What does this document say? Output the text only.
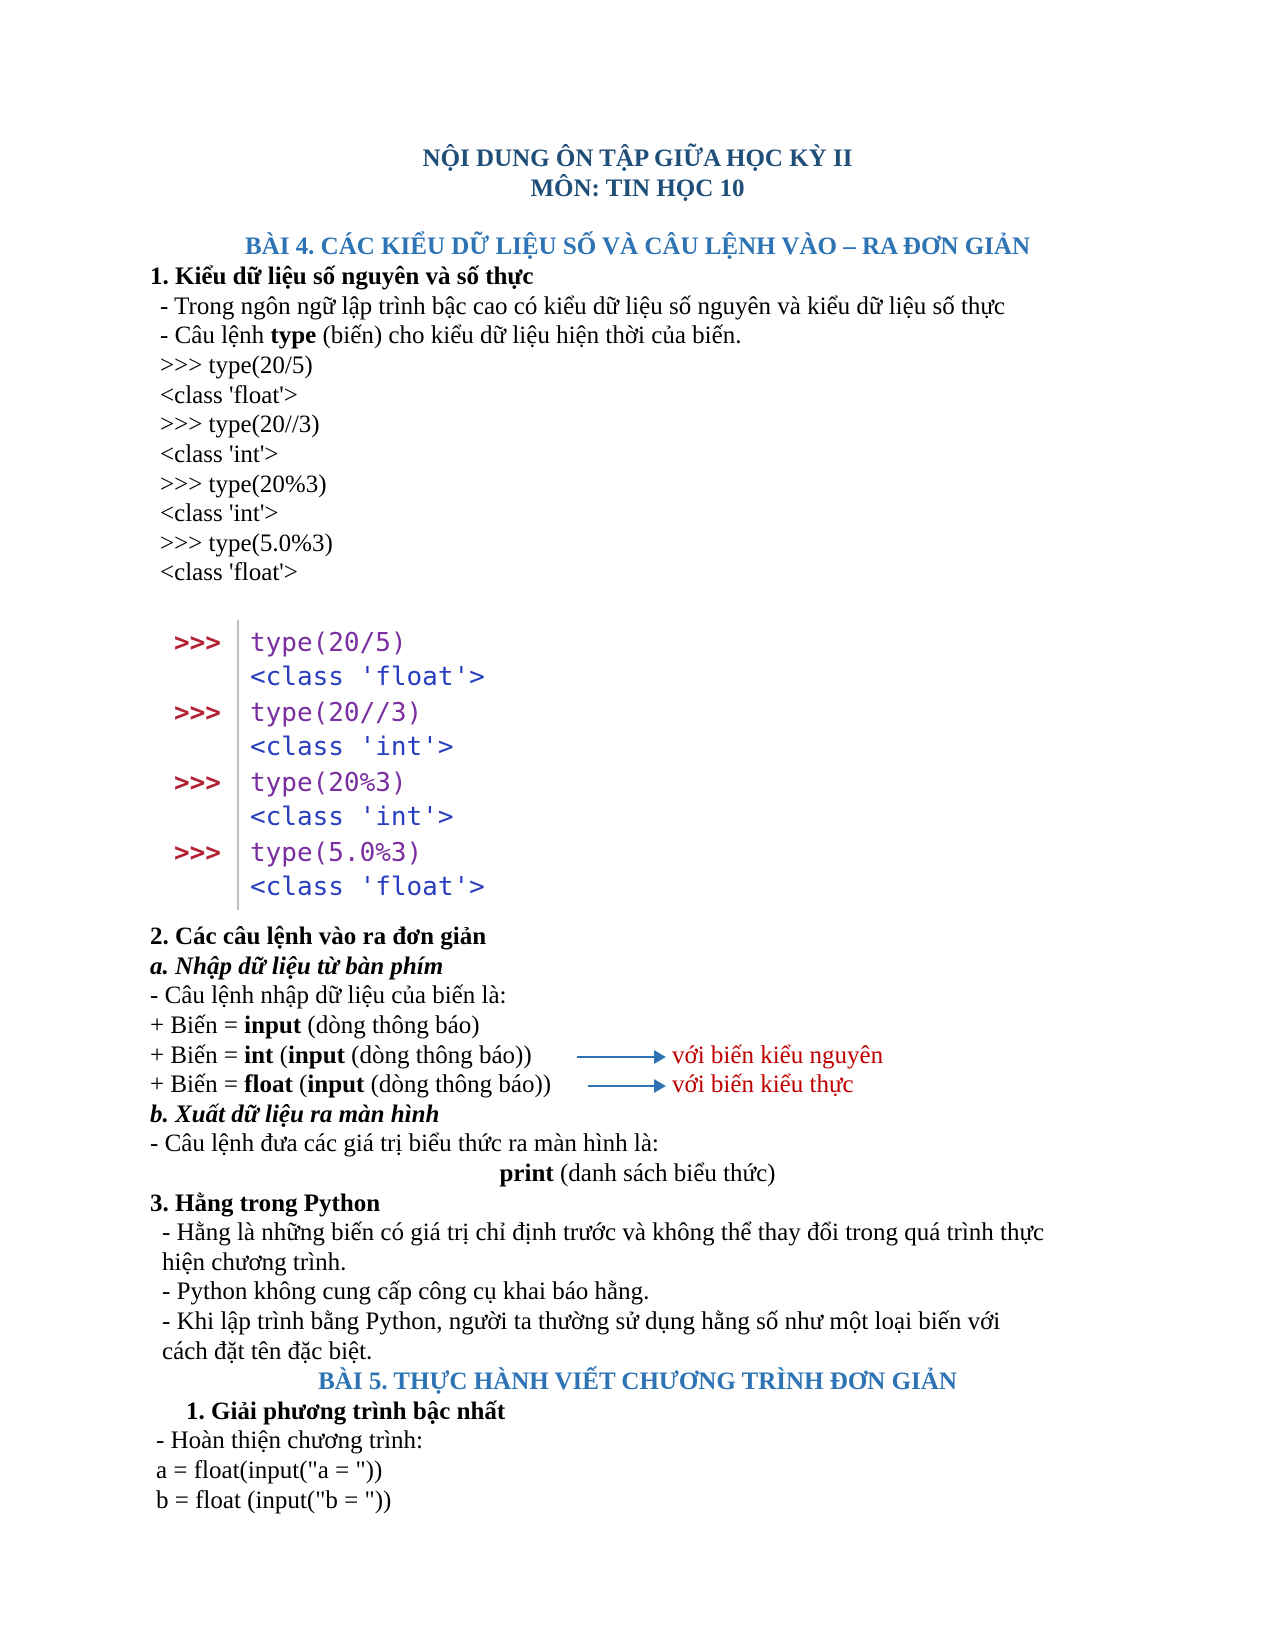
NỘI DUNG ÔN TẬP GIỮA HỌC KỲ II
MÔN: TIN HỌC 10
BÀI 4. CÁC KIỂU DỮ LIỆU SỐ VÀ CÂU LỆNH VÀO – RA ĐƠN GIẢN
1. Kiểu dữ liệu số nguyên và số thực
- Trong ngôn ngữ lập trình bậc cao có kiểu dữ liệu số nguyên và kiểu dữ liệu số thực
- Câu lệnh type (biến) cho kiểu dữ liệu hiện thời của biến.
>>> type(20/5)
<class 'float'>
>>> type(20//3)
<class 'int'>
>>> type(20%3)
<class 'int'>
>>> type(5.0%3)
<class 'float'>
>>> type(20/5)
<class 'float'>
>>> type(20//3)
<class 'int'>
>>> type(20%3)
<class 'int'>
>>> type(5.0%3)
<class 'float'>
2. Các câu lệnh vào ra đơn giản
a. Nhập dữ liệu từ bàn phím
- Câu lệnh nhập dữ liệu của biến là:
+ Biến = input (dòng thông báo)
+ Biến = int (input (dòng thông báo))	với biến kiểu nguyên
+ Biến = float (input (dòng thông báo))	với biến kiểu thực
b. Xuất dữ liệu ra màn hình
- Câu lệnh đưa các giá trị biểu thức ra màn hình là:
print (danh sách biểu thức)
3. Hằng trong Python
- Hằng là những biến có giá trị chỉ định trước và không thể thay đổi trong quá trình thực
hiện chương trình.
- Python không cung cấp công cụ khai báo hằng.
- Khi lập trình bằng Python, người ta thường sử dụng hằng số như một loại biến với
cách đặt tên đặc biệt.
BÀI 5. THỰC HÀNH VIẾT CHƯƠNG TRÌNH ĐƠN GIẢN
1. Giải phương trình bậc nhất
- Hoàn thiện chương trình:
a = float(input("a = "))
b = float (input("b = "))
